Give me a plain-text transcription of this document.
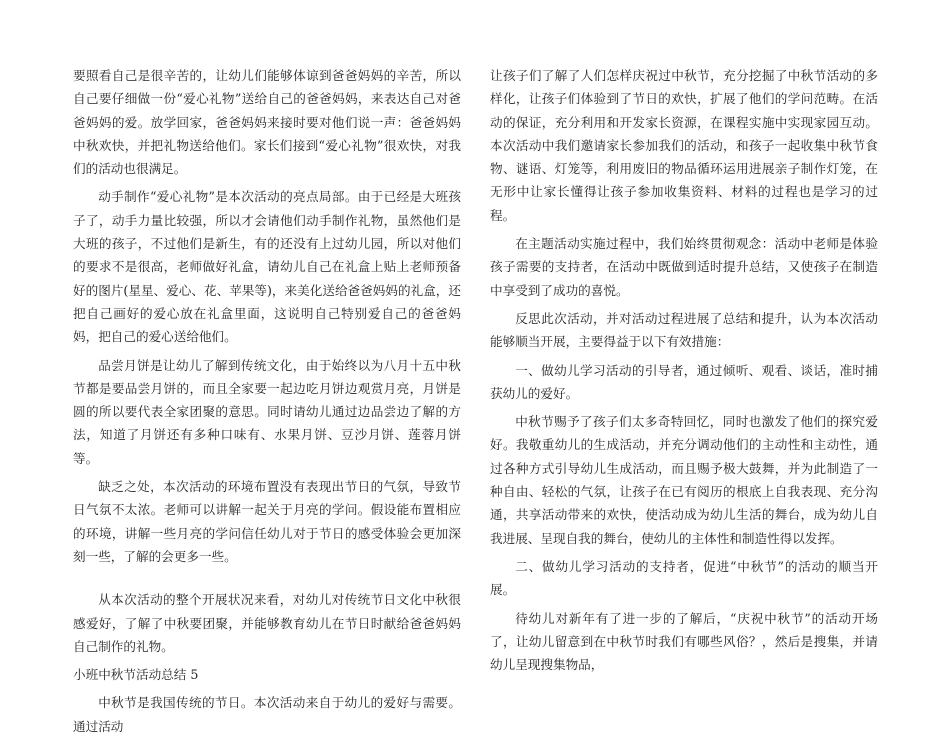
要照看自己是很辛苦的，让幼儿们能够体谅到爸爸妈妈的辛苦，所以自己要仔细做一份“爱心礼物”送给自己的爸爸妈妈，来表达自己对爸爸妈妈的爱。放学回家，爸爸妈妈来接时要对他们说一声：爸爸妈妈中秋欢快，并把礼物送给他们。家长们接到“爱心礼物”很欢快，对我们的活动也很满足。

动手制作“爱心礼物”是本次活动的亮点局部。由于已经是大班孩子了，动手力量比较强，所以才会请他们动手制作礼物，虽然他们是大班的孩子，不过他们是新生，有的还没有上过幼儿园，所以对他们的要求不是很高，老师做好礼盒，请幼儿自己在礼盒上贴上老师预备好的图片(星星、爱心、花、苹果等)，来美化送给爸爸妈妈的礼盒，还把自己画好的爱心放在礼盒里面，这说明自己特别爱自己的爸爸妈妈，把自己的爱心送给他们。

品尝月饼是让幼儿了解到传统文化，由于始终以为八月十五中秋节都是要品尝月饼的，而且全家要一起边吃月饼边观赏月亮，月饼是圆的所以要代表全家团聚的意思。同时请幼儿通过边品尝边了解的方法，知道了月饼还有多种口味有、水果月饼、豆沙月饼、莲蓉月饼等。

缺乏之处，本次活动的环境布置没有表现出节日的气氛，导致节日气氛不太浓。老师可以讲解一起关于月亮的学问。假设能布置相应的环境，讲解一些月亮的学问信任幼儿对于节日的感受体验会更加深刻一些，了解的会更多一些。

从本次活动的整个开展状况来看，对幼儿对传统节日文化中秋很感爱好，了解了中秋要团聚，并能够教育幼儿在节日时献给爸爸妈妈自己制作的礼物。

小班中秋节活动总结 5

中秋节是我国传统的节日。本次活动来自于幼儿的爱好与需要。通过活动

让孩子们了解了人们怎样庆祝过中秋节，充分挖掘了中秋节活动的多样化，让孩子们体验到了节日的欢快，扩展了他们的学问范畴。在活动的保证，充分利用和开发家长资源，在课程实施中实现家园互动。本次活动中我们邀请家长参加我们的活动，和孩子一起收集中秋节食物、谜语、灯笼等，利用废旧的物品循环运用进展亲子制作灯笼，在无形中让家长懂得让孩子参加收集资料、材料的过程也是学习的过程。

在主题活动实施过程中，我们始终贯彻观念：活动中老师是体验孩子需要的支持者，在活动中既做到适时提升总结，又使孩子在制造中享受到了成功的喜悦。

反思此次活动，并对活动过程进展了总结和提升，认为本次活动能够顺当开展，主要得益于以下有效措施：

一、做幼儿学习活动的引导者，通过倾听、观看、谈话，准时捕获幼儿的爱好。

中秋节赐予了孩子们太多奇特回忆，同时也激发了他们的探究爱好。我敬重幼儿的生成活动，并充分调动他们的主动性和主动性，通过各种方式引导幼儿生成活动，而且赐予极大鼓舞，并为此制造了一种自由、轻松的气氛，让孩子在已有阅历的根底上自我表现、充分沟通，共享活动带来的欢快，使活动成为幼儿生活的舞台，成为幼儿自我进展、呈现自我的舞台，使幼儿的主体性和制造性得以发挥。

二、做幼儿学习活动的支持者，促进“中秋节”的活动的顺当开展。

待幼儿对新年有了进一步的了解后，“庆祝中秋节”的活动开场了，让幼儿留意到在中秋节时我们有哪些风俗？，然后是搜集，并请幼儿呈现搜集物品，
